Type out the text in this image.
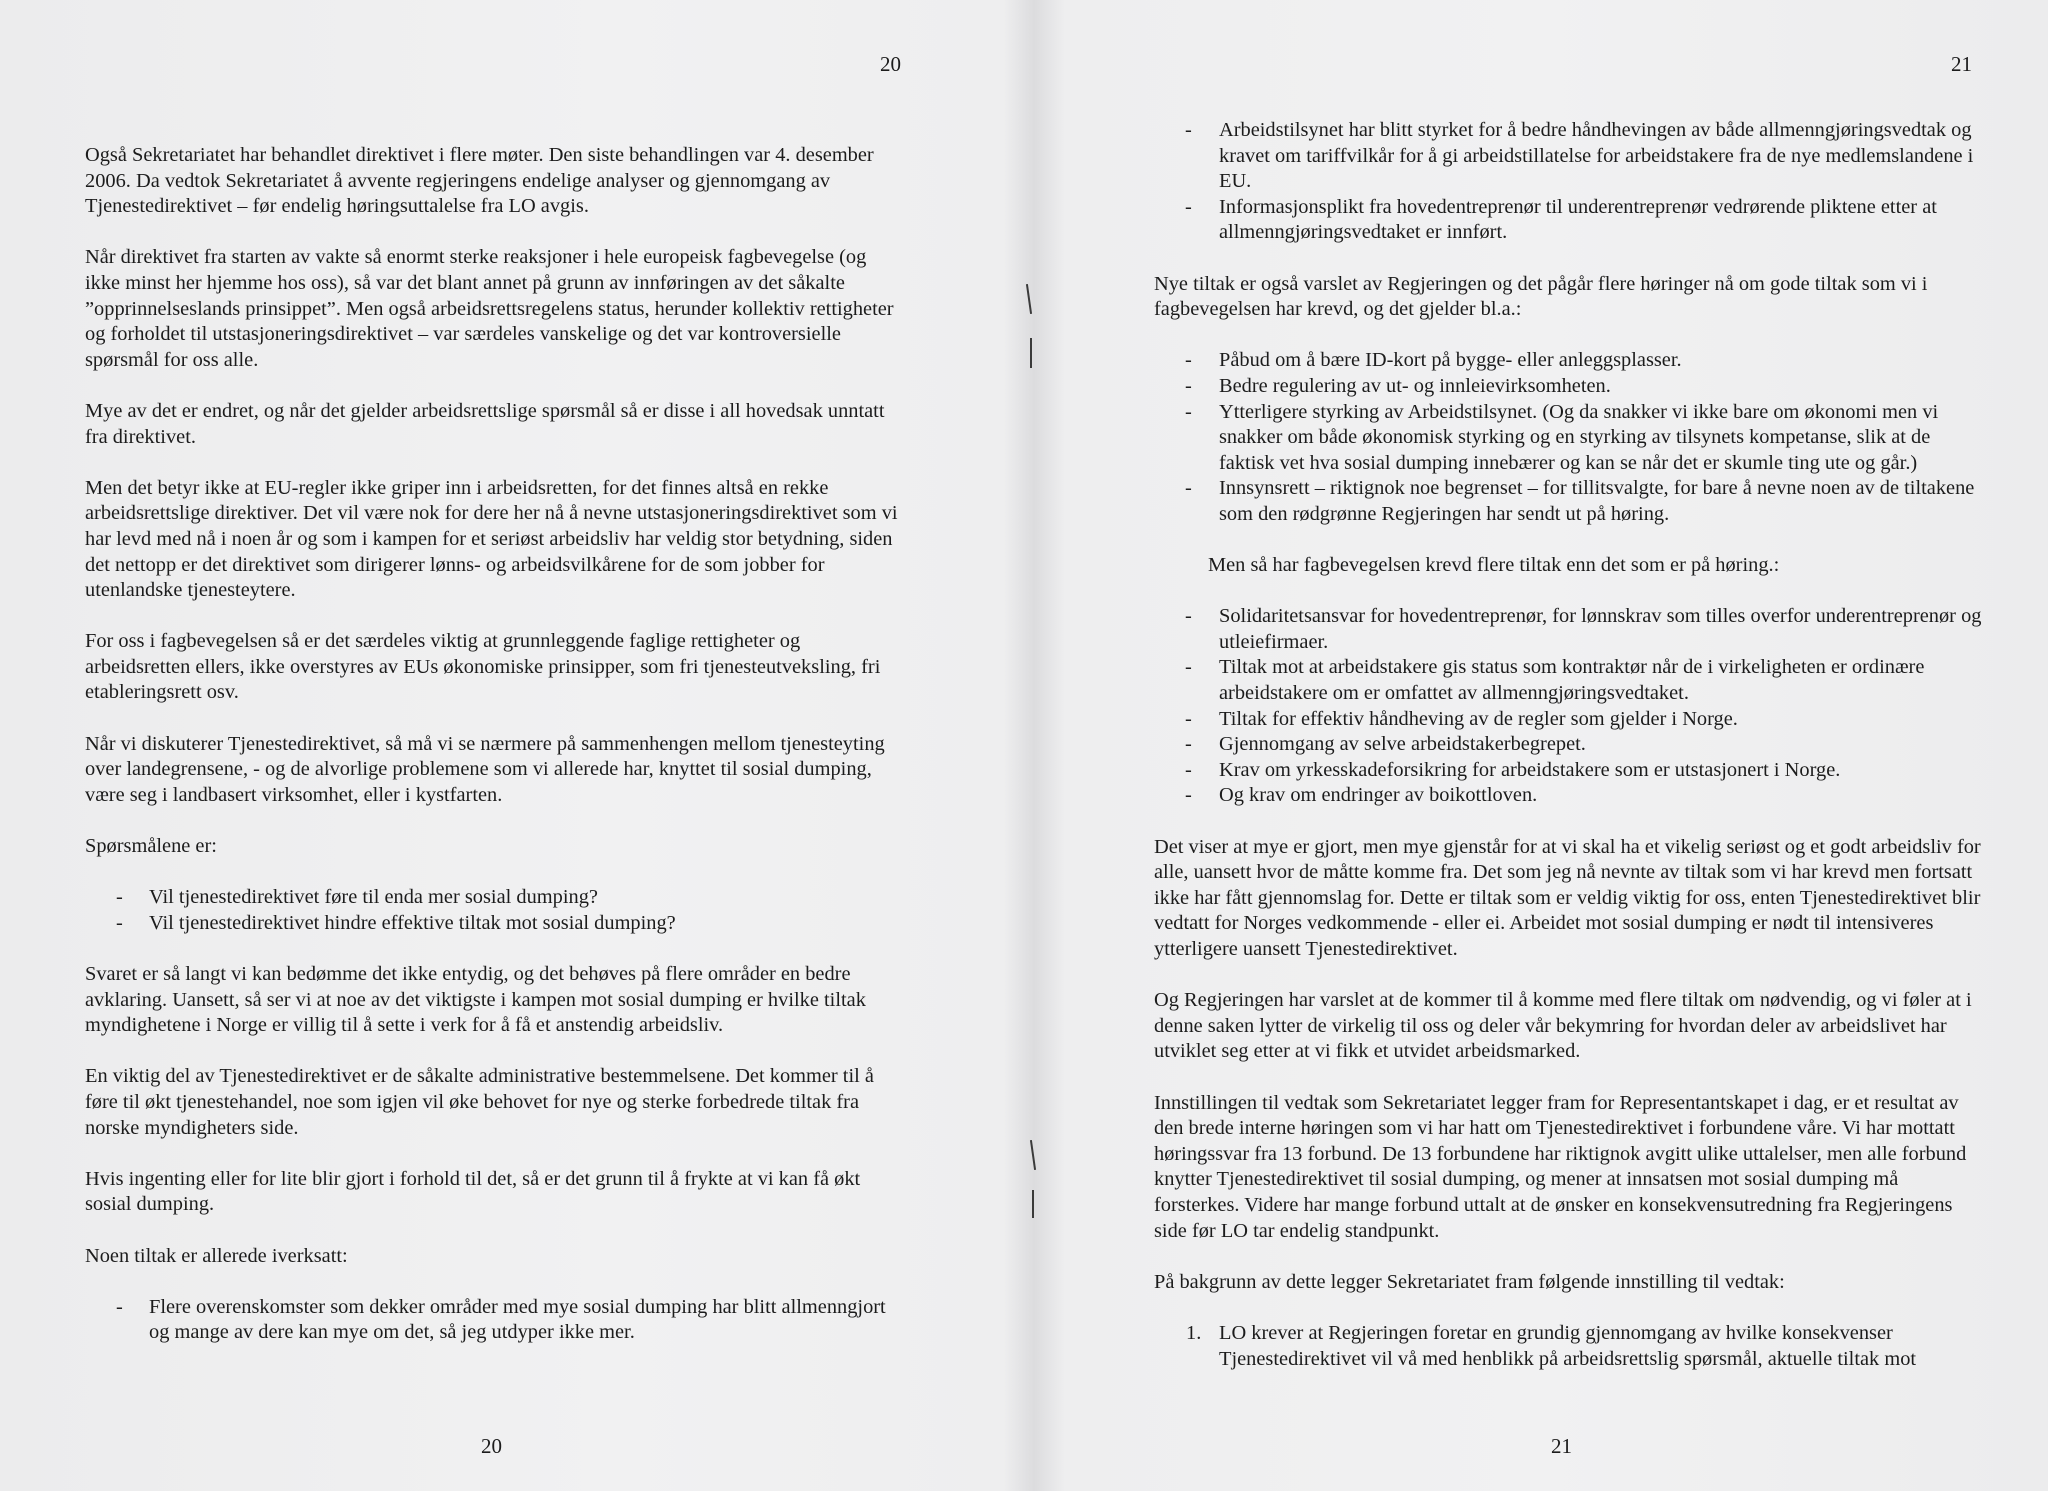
20

Også Sekretariatet har behandlet direktivet i flere møter. Den siste behandlingen var 4. desember 2006. Da vedtok Sekretariatet å avvente regjeringens endelige analyser og gjennomgang av Tjenestedirektivet – før endelig høringsuttalelse fra LO avgis.

Når direktivet fra starten av vakte så enormt sterke reaksjoner i hele europeisk fagbevegelse (og ikke minst her hjemme hos oss), så var det blant annet på grunn av innføringen av det såkalte ”opprinnelseslands prinsippet”. Men også arbeidsrettsregelens status, herunder kollektiv rettigheter og forholdet til utstasjoneringsdirektivet – var særdeles vanskelige og det var kontroversielle spørsmål for oss alle.

Mye av det er endret, og når det gjelder arbeidsrettslige spørsmål så er disse i all hovedsak unntatt fra direktivet.

Men det betyr ikke at EU-regler ikke griper inn i arbeidsretten, for det finnes altså en rekke arbeidsrettslige direktiver. Det vil være nok for dere her nå å nevne utstasjoneringsdirektivet som vi har levd med nå i noen år og som i kampen for et seriøst arbeidsliv har veldig stor betydning, siden det nettopp er det direktivet som dirigerer lønns- og arbeidsvilkårene for de som jobber for utenlandske tjenesteytere.

For oss i fagbevegelsen så er det særdeles viktig at grunnleggende faglige rettigheter og arbeidsretten ellers, ikke overstyres av EUs økonomiske prinsipper, som fri tjenesteutveksling, fri etableringsrett osv.

Når vi diskuterer Tjenestedirektivet, så må vi se nærmere på sammenhengen mellom tjenesteyting over landegrensene, - og de alvorlige problemene som vi allerede har, knyttet til sosial dumping, være seg i landbasert virksomhet, eller i kystfarten.

Spørsmålene er:

- Vil tjenestedirektivet føre til enda mer sosial dumping?
- Vil tjenestedirektivet hindre effektive tiltak mot sosial dumping?

Svaret er så langt vi kan bedømme det ikke entydig, og det behøves på flere områder en bedre avklaring. Uansett, så ser vi at noe av det viktigste i kampen mot sosial dumping er hvilke tiltak myndighetene i Norge er villig til å sette i verk for å få et anstendig arbeidsliv.

En viktig del av Tjenestedirektivet er de såkalte administrative bestemmelsene. Det kommer til å føre til økt tjenestehandel, noe som igjen vil øke behovet for nye og sterke forbedrede tiltak fra norske myndigheters side.

Hvis ingenting eller for lite blir gjort i forhold til det, så er det grunn til å frykte at vi kan få økt sosial dumping.

Noen tiltak er allerede iverksatt:

- Flere overenskomster som dekker områder med mye sosial dumping har blitt allmenngjort og mange av dere kan mye om det, så jeg utdyper ikke mer.
20
21
- Arbeidstilsynet har blitt styrket for å bedre håndhevingen av både allmenngjøringsvedtak og kravet om tariffvilkår for å gi arbeidstillatelse for arbeidstakere fra de nye medlemslandene i EU.
- Informasjonsplikt fra hovedentreprenør til underentreprenør vedrørende pliktene etter at allmenngjøringsvedtaket er innført.

Nye tiltak er også varslet av Regjeringen og det pågår flere høringer nå om gode tiltak som vi i fagbevegelsen har krevd, og det gjelder bl.a.:

- Påbud om å bære ID-kort på bygge- eller anleggsplasser.
- Bedre regulering av ut- og innleievirksomheten.
- Ytterligere styrking av Arbeidstilsynet. (Og da snakker vi ikke bare om økonomi men vi snakker om både økonomisk styrking og en styrking av tilsynets kompetanse, slik at de faktisk vet hva sosial dumping innebærer og kan se når det er skumle ting ute og går.)
- Innsynsrett – riktignok noe begrenset – for tillitsvalgte, for bare å nevne noen av de tiltakene som den rødgrønne Regjeringen har sendt ut på høring.

Men så har fagbevegelsen krevd flere tiltak enn det som er på høring.:

- Solidaritetsansvar for hovedentreprenør, for lønnskrav som tilles overfor underentreprenør og utleiefirmaer.
- Tiltak mot at arbeidstakere gis status som kontraktør når de i virkeligheten er ordinære arbeidstakere om er omfattet av allmenngjøringsvedtaket.
- Tiltak for effektiv håndheving av de regler som gjelder i Norge.
- Gjennomgang av selve arbeidstakerbegrepet.
- Krav om yrkesskadeforsikring for arbeidstakere som er utstasjonert i Norge.
- Og krav om endringer av boikottloven.

Det viser at mye er gjort, men mye gjenstår for at vi skal ha et vikelig seriøst og et godt arbeidsliv for alle, uansett hvor de måtte komme fra. Det som jeg nå nevnte av tiltak som vi har krevd men fortsatt ikke har fått gjennomslag for. Dette er tiltak som er veldig viktig for oss, enten Tjenestedirektivet blir vedtatt for Norges vedkommende - eller ei. Arbeidet mot sosial dumping er nødt til intensiveres ytterligere uansett Tjenestedirektivet.

Og Regjeringen har varslet at de kommer til å komme med flere tiltak om nødvendig, og vi føler at i denne saken lytter de virkelig til oss og deler vår bekymring for hvordan deler av arbeidslivet har utviklet seg etter at vi fikk et utvidet arbeidsmarked.

Innstillingen til vedtak som Sekretariatet legger fram for Representantskapet i dag, er et resultat av den brede interne høringen som vi har hatt om Tjenestedirektivet i forbundene våre. Vi har mottatt høringssvar fra 13 forbund. De 13 forbundene har riktignok avgitt ulike uttalelser, men alle forbund knytter Tjenestedirektivet til sosial dumping, og mener at innsatsen mot sosial dumping må forsterkes. Videre har mange forbund uttalt at de ønsker en konsekvensutredning fra Regjeringens side før LO tar endelig standpunkt.

På bakgrunn av dette legger Sekretariatet fram følgende innstilling til vedtak:

1. LO krever at Regjeringen foretar en grundig gjennomgang av hvilke konsekvenser Tjenestedirektivet vil vå med henblikk på arbeidsrettslig spørsmål, aktuelle tiltak mot
21
